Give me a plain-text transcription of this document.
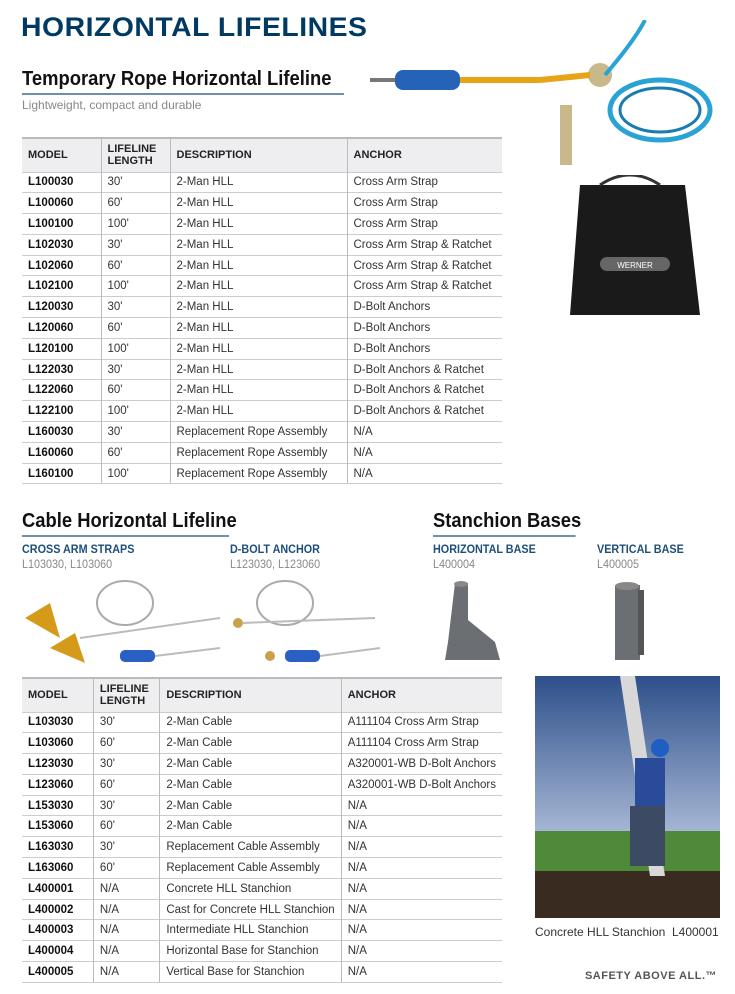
HORIZONTAL LIFELINES
Temporary Rope Horizontal Lifeline
Lightweight, compact and durable
WERNER
MODEL	LIFELINE LENGTH	DESCRIPTION	ANCHOR
L100030	30'	2-Man HLL	Cross Arm Strap
L100060	60'	2-Man HLL	Cross Arm Strap
L100100	100'	2-Man HLL	Cross Arm Strap
L102030	30'	2-Man HLL	Cross Arm Strap & Ratchet
L102060	60'	2-Man HLL	Cross Arm Strap & Ratchet
L102100	100'	2-Man HLL	Cross Arm Strap & Ratchet
L120030	30'	2-Man HLL	D-Bolt Anchors
L120060	60'	2-Man HLL	D-Bolt Anchors
L120100	100'	2-Man HLL	D-Bolt Anchors
L122030	30'	2-Man HLL	D-Bolt Anchors & Ratchet
L122060	60'	2-Man HLL	D-Bolt Anchors & Ratchet
L122100	100'	2-Man HLL	D-Bolt Anchors & Ratchet
L160030	30'	Replacement Rope Assembly	N/A
L160060	60'	Replacement Rope Assembly	N/A
L160100	100'	Replacement Rope Assembly	N/A
Cable Horizontal Lifeline
CROSS ARM STRAPS
L103030, L103060
D-BOLT ANCHOR
L123030, L123060
Stanchion Bases
HORIZONTAL BASE
L400004
VERTICAL BASE
L400005
Concrete HLL Stanchion  L400001
MODEL	LIFELINE LENGTH	DESCRIPTION	ANCHOR
L103030	30'	2-Man Cable	A111104 Cross Arm Strap
L103060	60'	2-Man Cable	A111104 Cross Arm Strap
L123030	30'	2-Man Cable	A320001-WB D-Bolt Anchors
L123060	60'	2-Man Cable	A320001-WB D-Bolt Anchors
L153030	30'	2-Man Cable	N/A
L153060	60'	2-Man Cable	N/A
L163030	30'	Replacement Cable Assembly	N/A
L163060	60'	Replacement Cable Assembly	N/A
L400001	N/A	Concrete HLL Stanchion	N/A
L400002	N/A	Cast for Concrete HLL Stanchion	N/A
L400003	N/A	Intermediate HLL Stanchion	N/A
L400004	N/A	Horizontal Base for Stanchion	N/A
L400005	N/A	Vertical Base for Stanchion	N/A	SAFETY ABOVE ALL.™
